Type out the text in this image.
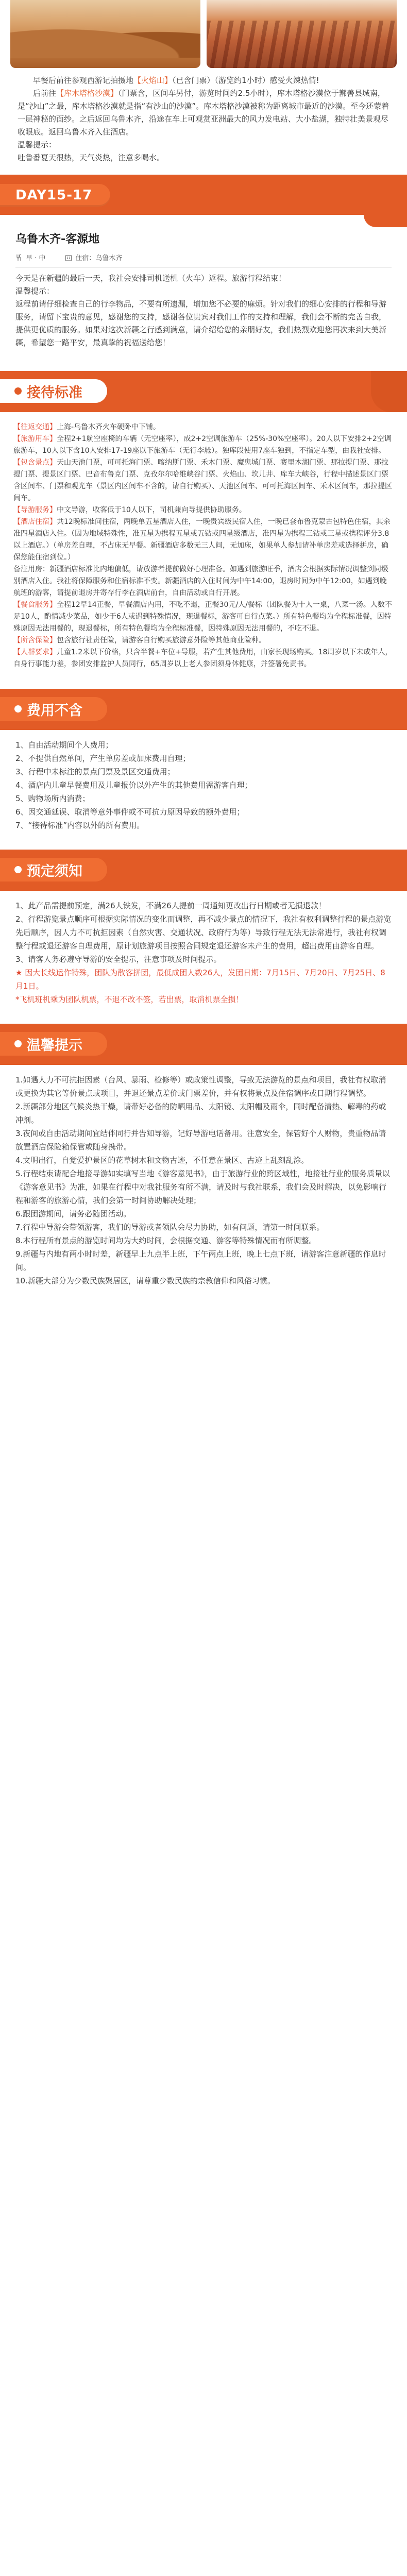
早餐后前往参观西游记拍摄地【火焰山】（已含门票）（游览约1小时）感受火辣热情!

后前往【库木塔格沙漠】（门票含，区间车另付，游览时间约2.5小时），库木塔格沙漠位于鄯善县城南，是“沙山”之最，库木塔格沙漠就是指“有沙山的沙漠”。库木塔格沙漠被称为距离城市最近的沙漠。至今还蒙着一层神秘的面纱。之后返回乌鲁木齐，沿途在车上可观赏亚洲最大的风力发电站、大小盐湖，独特壮美景观尽收眼底。返回乌鲁木齐入住酒店。

温馨提示：

吐鲁番夏天很热，天气炎热，注意多喝水。

DAY15-17
乌鲁木齐-客源地
早 · 中	住宿：乌鲁木齐

今天是在新疆的最后一天，我社会安排司机送机（火车）返程。旅游行程结束！

温馨提示：

返程前请仔细检查自己的行李物品，不要有所遗漏，增加您不必要的麻烦。针对我们的细心安排的行程和导游服务，请留下宝贵的意见，感谢您的支持，感谢各位贵宾对我们工作的支持和理解，我们会不断的完善自我，提供更优质的服务。如果对这次新疆之行感到满意，请介绍给您的亲朋好友，我们热烈欢迎您再次来到大美新疆，希望您一路平安，最真挚的祝福送给您！

接待标准

【往返交通】上海-乌鲁木齐火车硬卧中下铺。

【旅游用车】全程2+1航空座椅的车辆（无空座率），成2+2空调旅游车（25%-30%空座率）。20人以下安排2+2空调旅游车，10人以下含10人安排17-19座以下旅游车（无行李舱）。独库段使用7座车独到，不指定车型，由我社安排。

【包含景点】天山天池门票，可可托海门票、喀纳斯门票、禾木门票、魔鬼城门票、赛里木湖门票、那拉提门票、那拉提门票、提景区门票、巴音布鲁克门票、克孜尔尔哈维峡谷门票、火焰山、坎儿井、库车大峡谷，行程中描述景区门票含区间车、门票和观光车（景区内区间车不含的，请自行购买）、天池区间车、可可托海区间车、禾木区间车，那拉提区间车。

【导游服务】中文导游，收客低于10人以下，司机兼向导提供协助服务。

【酒店住宿】共12晚标准间住宿，两晚单五星酒店入住，一晚贵宾级民宿入住，一晚已套布鲁克蒙古包特色住宿，其余准四星酒店入住。（因为地域特殊性，准五星为携程五星或五钻或四星级酒店，准四星为携程三钻或三星或携程评分3.8以上酒店。）（单房差自理，不占床无早餐。新疆酒店多数无三人间，无加床，如果单人参加请补单房差或选择拼房，确保您能住宿到位。）

备注用房：新疆酒店标准比内地偏低，请放游者提前做好心理准备。如遇到旅游旺季，酒店会根据实际情况调整到同级别酒店入住。我社将保障服务和住宿标准不变。新疆酒店的入住时间为中午14:00，退房时间为中午12:00，如遇到晚航班的游客，请提前退房并寄存行李在酒店前台，自由活动或自行开展。

【餐食服务】全程12早14正餐，早餐酒店内用，不吃不退，正餐30元/人/餐标（团队餐为十人一桌，八菜一汤。人数不足10人，酌情减少菜品，如少于6人或遇到特殊情况，现退餐标，游客可自行点菜。）所有特色餐均为全程标准餐，因特殊原因无法用餐的，现退餐标，所有特色餐均为全程标准餐，因特殊原因无法用餐的，不吃不退。

【所含保险】包含旅行社责任险，请游客自行购买旅游意外险等其他商业险种。

【人群要求】儿童1.2米以下价格，只含半餐+车位+导服，若产生其他费用，由家长现场购买。18周岁以下未成年人，自身行事能力差，参团安排监护人员同行，65周岁以上老人参团须身体健康，并签署免责书。

费用不含

1、自由活动期间个人费用；

2、不提供自然单间，产生单房差或加床费用自理；

3、行程中未标注的景点门票及景区交通费用；

4、酒店内儿童早餐费用及儿童报价以外产生的其他费用需游客自理；

5、购物场所内消费；

6、因交通延误、取消等意外事件或不可抗力原因导致的额外费用；

7、“接待标准”内容以外的所有费用。

预定须知

1、此产品需提前预定，满26人铁发，不满26人提前一周通知更改出行日期或者无损退款！

2、行程游览景点顺序可根据实际情况的变化而调整，再不减少景点的情况下，我社有权利调整行程的景点游览先后顺序，因人力不可抗拒因素（自然灾害、交通状况、政府行为等）导致行程无法无法常进行，我社有权调整行程或退还游客自理费用，原计划旅游项目按照合同规定退还游客未产生的费用，超出费用由游客自理。

3、请客人务必遵守导游的安全提示，注意事项及时间提示。

★ 因大长线运作特殊，团队为散客拼团，最低成团人数26人，发团日期：7月15日、7月20日、7月25日、8月1日。

*飞机班机乘为团队机票，不退不改不签，若出票，取消机票全损！

温馨提示

1.如遇人力不可抗拒因素（台风、暴雨、检修等）或政策性调整，导致无法游览的景点和项目，我社有权取消或更换为其它等价景点或项目，并退还景点差价或门票差价，并有权将景点及住宿调序或日期行程调整。

2.新疆部分地区气候炎热干燥，请带好必备的防晒用品、太阳镜、太阳帽及雨伞，同时配备清热、解毒的药或冲剂。

3.夜间或自由活动期间宜结伴同行并告知导游，记好导游电话备用。注意安全，保管好个人财物，贵重物品请放置酒店保险箱保管或随身携带。

4.文明出行，自觉爱护景区的花草树木和文物古迹，不任意在景区、古迹上乱刻乱涂。

5.行程结束请配合地接导游如实填写当地《游客意见书》，由于旅游行业的跨区域性，地接社行业的服务质量以《游客意见书》为准，如果在行程中对我社服务有所不满，请及时与我社联系，我们会及时解决，以免影响行程和游客的旅游心情，我们会第一时间协助解决处理；

6.跟团游期间，请务必随团活动。

7.行程中导游会带领游客，我们的导游或者领队会尽力协助，如有问题，请第一时间联系。

8.本行程所有景点的游览时间均为大约时间，会根据交通、游客等特殊情况而有所调整。

9.新疆与内地有两小时时差，新疆早上九点半上班，下午两点上班，晚上七点下班，请游客注意新疆的作息时间。

10.新疆大部分为少数民族聚居区，请尊重少数民族的宗教信仰和风俗习惯。
